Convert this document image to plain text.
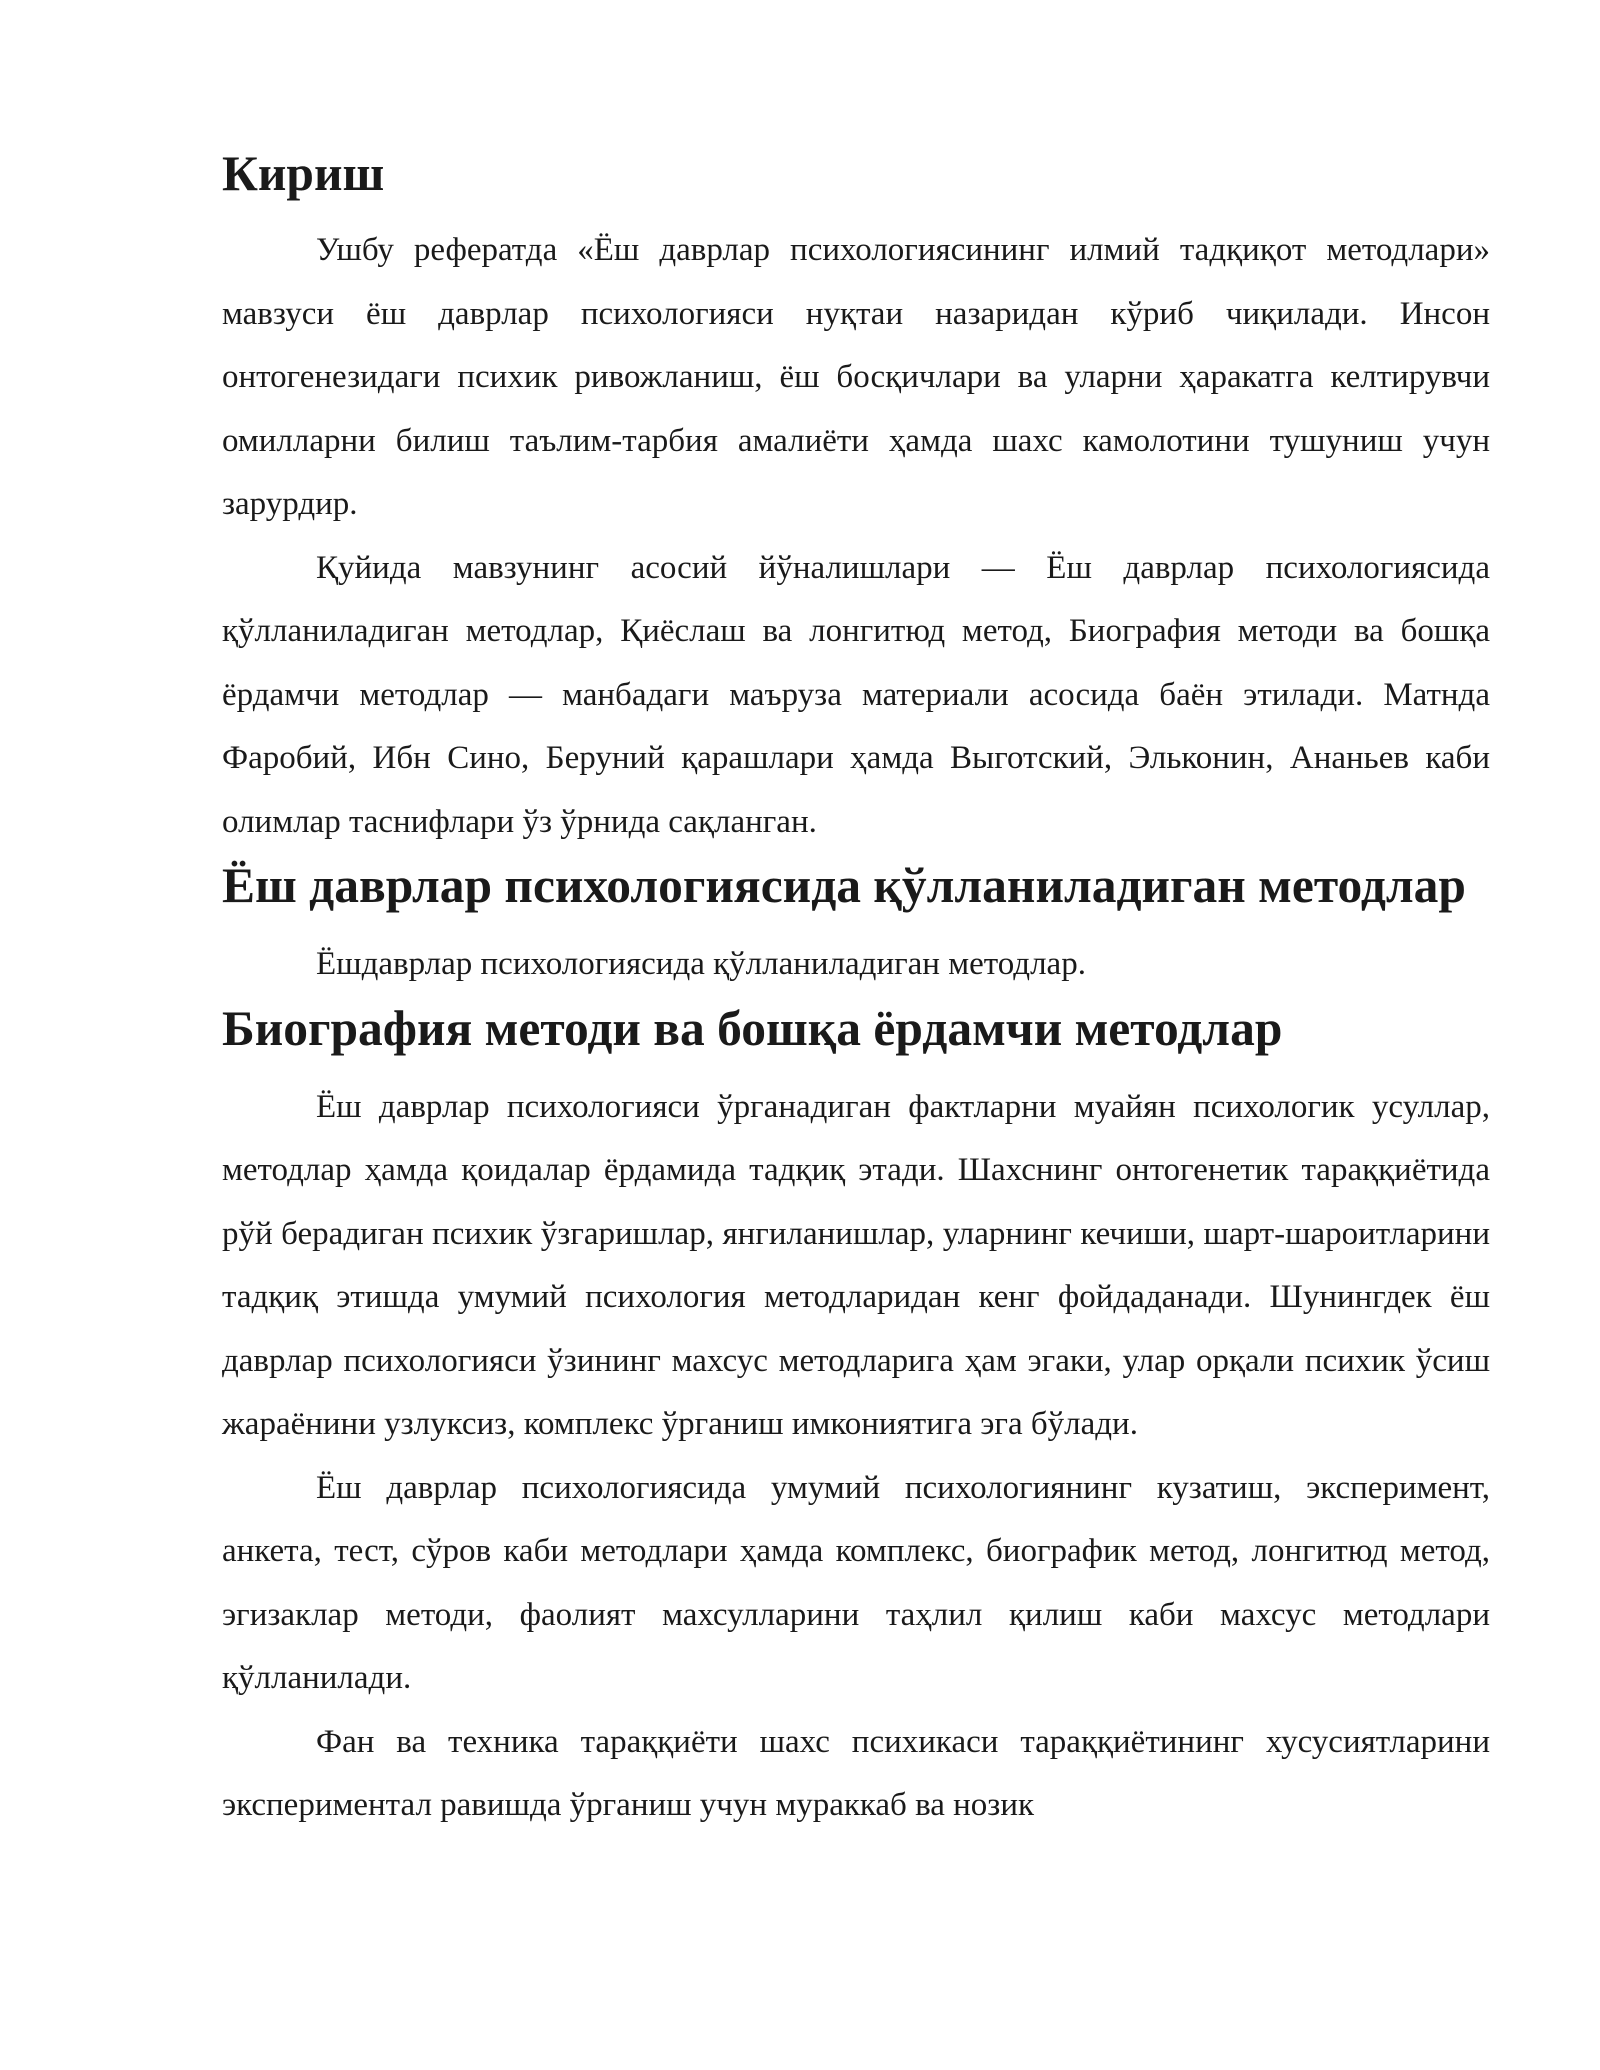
Кириш

Ушбу рефератда «Ёш даврлар психологиясининг илмий тадқиқот методлари» мавзуси ёш даврлар психологияси нуқтаи назаридан кўриб чиқилади. Инсон онтогенезидаги психик ривожланиш, ёш босқичлари ва уларни ҳаракатга келтирувчи омилларни билиш таълим-тарбия амалиёти ҳамда шахс камолотини тушуниш учун зарурдир.

Қуйида мавзунинг асосий йўналишлари — Ёш даврлар психологиясида қўлланиладиган методлар, Қиёслаш ва лонгитюд метод, Биография методи ва бошқа ёрдамчи методлар — манбадаги маъруза материали асосида баён этилади. Матнда Фаробий, Ибн Сино, Беруний қарашлари ҳамда Выготский, Эльконин, Ананьев каби олимлар таснифлари ўз ўрнида сақланган.

Ёш даврлар психологиясида қўлланиладиган методлар

Ёшдаврлар психологиясида қўлланиладиган методлар.

Биография методи ва бошқа ёрдамчи методлар

Ёш даврлар психологияси ўрганадиган фактларни муайян психологик усуллар, методлар ҳамда қоидалар ёрдамида тадқиқ этади. Шахснинг онтогенетик тараққиётида рўй берадиган психик ўзгаришлар, янгиланишлар, уларнинг кечиши, шарт-шароитларини тадқиқ этишда умумий психология методларидан кенг фойдаданади. Шунингдек ёш даврлар психологияси ўзининг махсус методларига ҳам эгаки, улар орқали психик ўсиш жараёнини узлуксиз, комплекс ўрганиш имкониятига эга бўлади.

Ёш даврлар психологиясида умумий психологиянинг кузатиш, эксперимент, анкета, тест, сўров каби методлари ҳамда комплекс, биографик метод, лонгитюд метод, эгизаклар методи, фаолият махсулларини таҳлил қилиш каби махсус методлари қўлланилади.

Фан ва техника тараққиёти шахс психикаси тараққиётининг хусусиятларини экспериментал равишда ўрганиш учун мураккаб ва нозик
